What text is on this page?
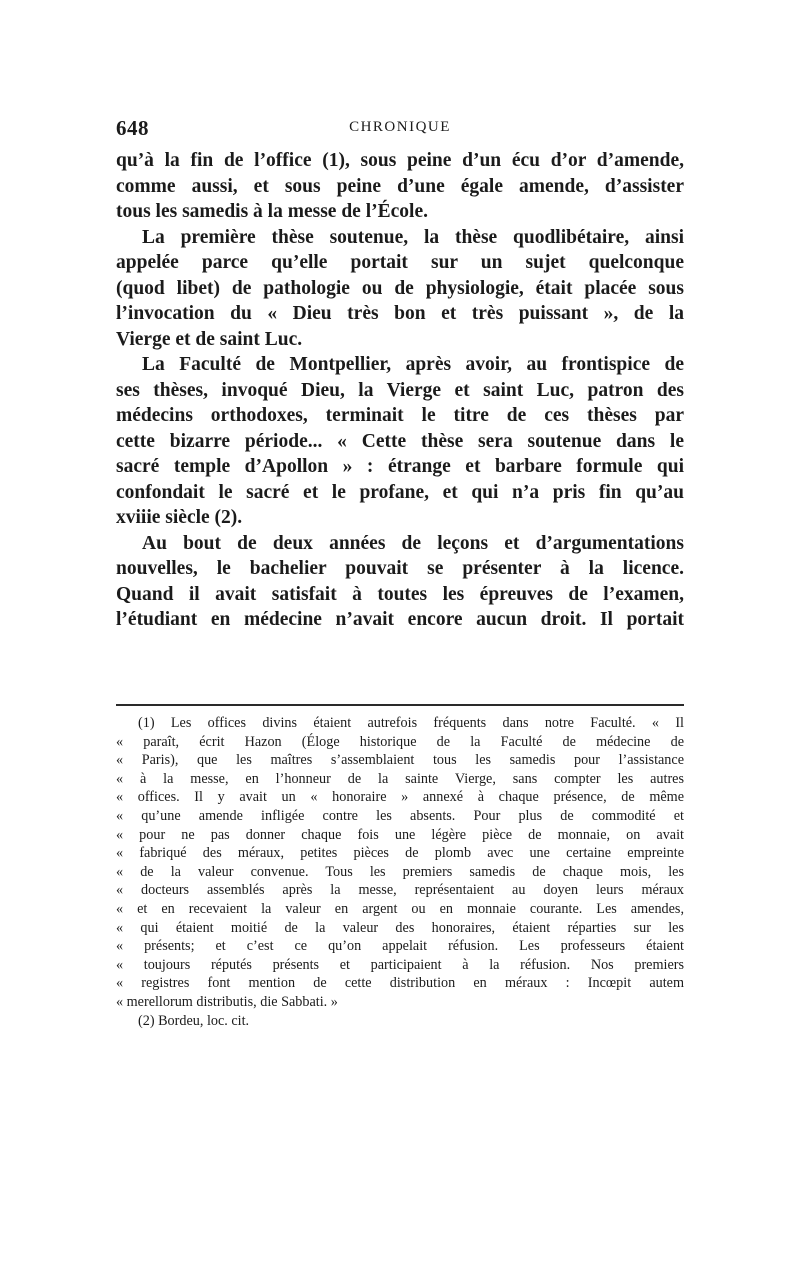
648	CHRONIQUE
qu’à la fin de l’office (1), sous peine d’un écu d’or d’amende,
comme aussi, et sous peine d’une égale amende, d’assister
tous les samedis à la messe de l’École.
La première thèse soutenue, la thèse quodlibétaire, ainsi
appelée parce qu’elle portait sur un sujet quelconque
(quod libet) de pathologie ou de physiologie, était placée sous
l’invocation du « Dieu très bon et très puissant », de la
Vierge et de saint Luc.
La Faculté de Montpellier, après avoir, au frontispice de
ses thèses, invoqué Dieu, la Vierge et saint Luc, patron des
médecins orthodoxes, terminait le titre de ces thèses par
cette bizarre période... « Cette thèse sera soutenue dans le
sacré temple d’Apollon » : étrange et barbare formule qui
confondait le sacré et le profane, et qui n’a pris fin qu’au
xviiie siècle (2).
Au bout de deux années de leçons et d’argumentations
nouvelles, le bachelier pouvait se présenter à la licence.
Quand il avait satisfait à toutes les épreuves de l’examen,
l’étudiant en médecine n’avait encore aucun droit. Il portait
(1) Les offices divins étaient autrefois fréquents dans notre Faculté. « Il
« paraît, écrit Hazon (Éloge historique de la Faculté de médecine de
« Paris), que les maîtres s’assemblaient tous les samedis pour l’assistance
« à la messe, en l’honneur de la sainte Vierge, sans compter les autres
« offices. Il y avait un « honoraire » annexé à chaque présence, de même
« qu’une amende infligée contre les absents. Pour plus de commodité et
« pour ne pas donner chaque fois une légère pièce de monnaie, on avait
« fabriqué des méraux, petites pièces de plomb avec une certaine empreinte
« de la valeur convenue. Tous les premiers samedis de chaque mois, les
« docteurs assemblés après la messe, représentaient au doyen leurs méraux
« et en recevaient la valeur en argent ou en monnaie courante. Les amendes,
« qui étaient moitié de la valeur des honoraires, étaient réparties sur les
« présents; et c’est ce qu’on appelait réfusion. Les professeurs étaient
« toujours réputés présents et participaient à la réfusion. Nos premiers
« registres font mention de cette distribution en méraux : Incœpit autem
« merellorum distributis, die Sabbati. »
(2) Bordeu, loc. cit.
